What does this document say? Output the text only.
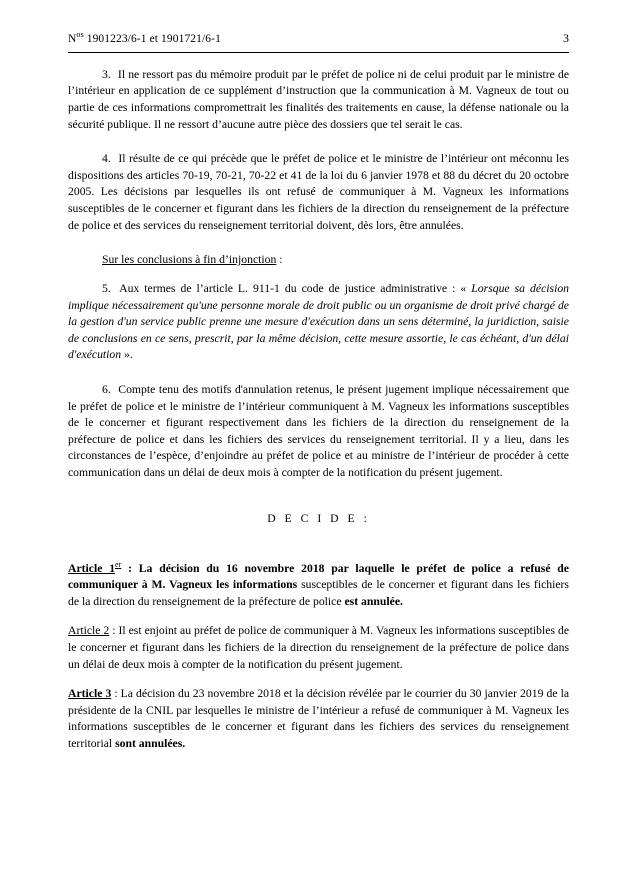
$N^{os}$ 1901223/6-1 et 1901721/6-1	3

3. Il ne ressort pas du mémoire produit par le préfet de police ni de celui produit par le ministre de l’intérieur en application de ce supplément d’instruction que la communication à M. Vagneux de tout ou partie de ces informations compromettrait les finalités des traitements en cause, la défense nationale ou la sécurité publique. Il ne ressort d’aucune autre pièce des dossiers que tel serait le cas.

4. Il résulte de ce qui précède que le préfet de police et le ministre de l’intérieur ont méconnu les dispositions des articles 70-19, 70-21, 70-22 et 41 de la loi du 6 janvier 1978 et 88 du décret du 20 octobre 2005. Les décisions par lesquelles ils ont refusé de communiquer à M. Vagneux les informations susceptibles de le concerner et figurant dans les fichiers de la direction du renseignement de la préfecture de police et des services du renseignement territorial doivent, dès lors, être annulées.

Sur les conclusions à fin d’injonction :

5. Aux termes de l’article L. 911-1 du code de justice administrative : « Lorsque sa décision implique nécessairement qu'une personne morale de droit public ou un organisme de droit privé chargé de la gestion d'un service public prenne une mesure d'exécution dans un sens déterminé, la juridiction, saisie de conclusions en ce sens, prescrit, par la même décision, cette mesure assortie, le cas échéant, d'un délai d'exécution ».

6. Compte tenu des motifs d'annulation retenus, le présent jugement implique nécessairement que le préfet de police et le ministre de l’intérieur communiquent à M. Vagneux les informations susceptibles de le concerner et figurant respectivement dans les fichiers de la direction du renseignement de la préfecture de police et dans les fichiers des services du renseignement territorial. Il y a lieu, dans les circonstances de l’espèce, d’enjoindre au préfet de police et au ministre de l’intérieur de procéder à cette communication dans un délai de deux mois à compter de la notification du présent jugement.

D E C I D E :

Article 1er : La décision du 16 novembre 2018 par laquelle le préfet de police a refusé de communiquer à M. Vagneux les informations susceptibles de le concerner et figurant dans les fichiers de la direction du renseignement de la préfecture de police est annulée.

Article 2 : Il est enjoint au préfet de police de communiquer à M. Vagneux les informations susceptibles de le concerner et figurant dans les fichiers de la direction du renseignement de la préfecture de police dans un délai de deux mois à compter de la notification du présent jugement.

Article 3 : La décision du 23 novembre 2018 et la décision révélée par le courrier du 30 janvier 2019 de la présidente de la CNIL par lesquelles le ministre de l’intérieur a refusé de communiquer à M. Vagneux les informations susceptibles de le concerner et figurant dans les fichiers des services du renseignement territorial sont annulées.
